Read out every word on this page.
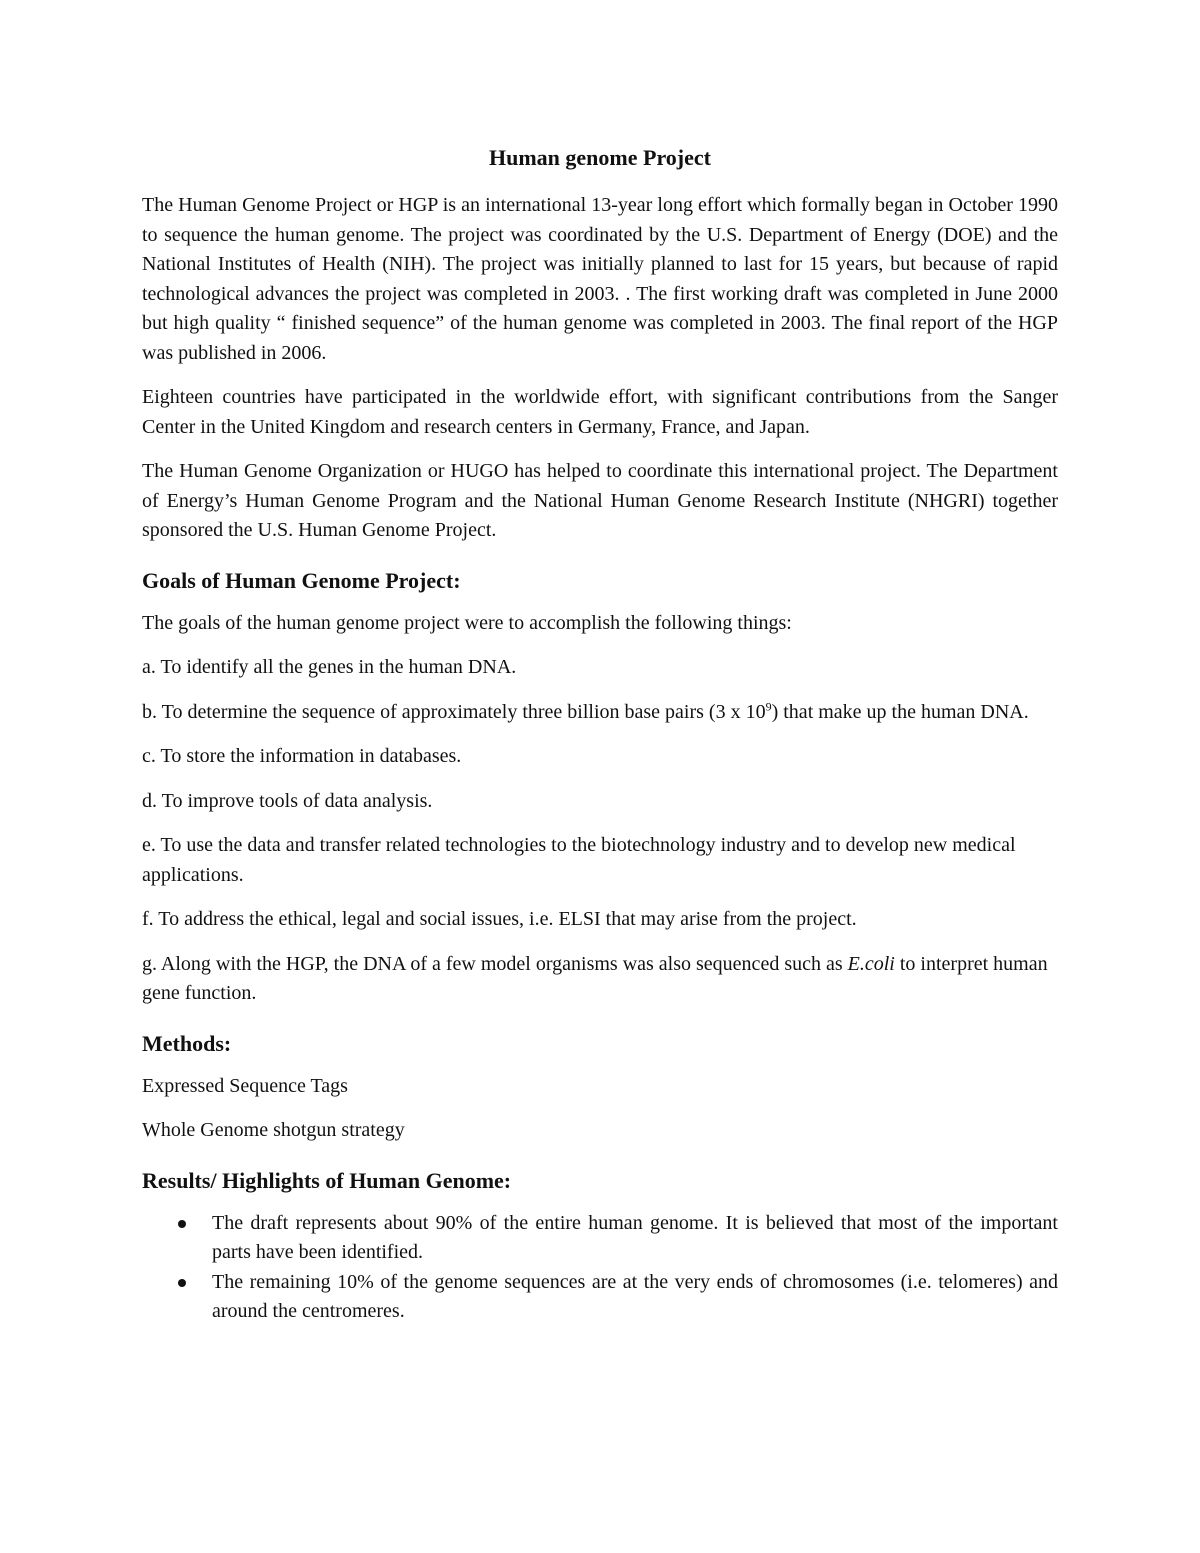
Human genome Project

The Human Genome Project or HGP is an international 13-year long effort which formally began in October 1990 to sequence the human genome. The project was coordinated by the U.S. Department of Energy (DOE) and the National Institutes of Health (NIH). The project was initially planned to last for 15 years, but because of rapid technological advances the project was completed in 2003. . The first working draft was completed in June 2000 but high quality “ finished sequence” of the human genome was completed in 2003. The final report of the HGP was published in 2006.

Eighteen countries have participated in the worldwide effort, with significant contributions from the Sanger Center in the United Kingdom and research centers in Germany, France, and Japan.

The Human Genome Organization or HUGO has helped to coordinate this international project. The Department of Energy’s Human Genome Program and the National Human Genome Research Institute (NHGRI) together sponsored the U.S. Human Genome Project.

Goals of Human Genome Project:

The goals of the human genome project were to accomplish the following things:

a. To identify all the genes in the human DNA.

b. To determine the sequence of approximately three billion base pairs (3 x $10^9$) that make up the human DNA.

c. To store the information in databases.

d. To improve tools of data analysis.

e. To use the data and transfer related technologies to the biotechnology industry and to develop new medical applications.

f. To address the ethical, legal and social issues, i.e. ELSI that may arise from the project.

g. Along with the HGP, the DNA of a few model organisms was also sequenced such as E.coli to interpret human gene function.

Methods:

Expressed Sequence Tags

Whole Genome shotgun strategy

Results/ Highlights of Human Genome:
The draft represents about 90% of the entire human genome. It is believed that most of the important parts have been identified.
The remaining 10% of the genome sequences are at the very ends of chromosomes (i.e. telomeres) and around the centromeres.
